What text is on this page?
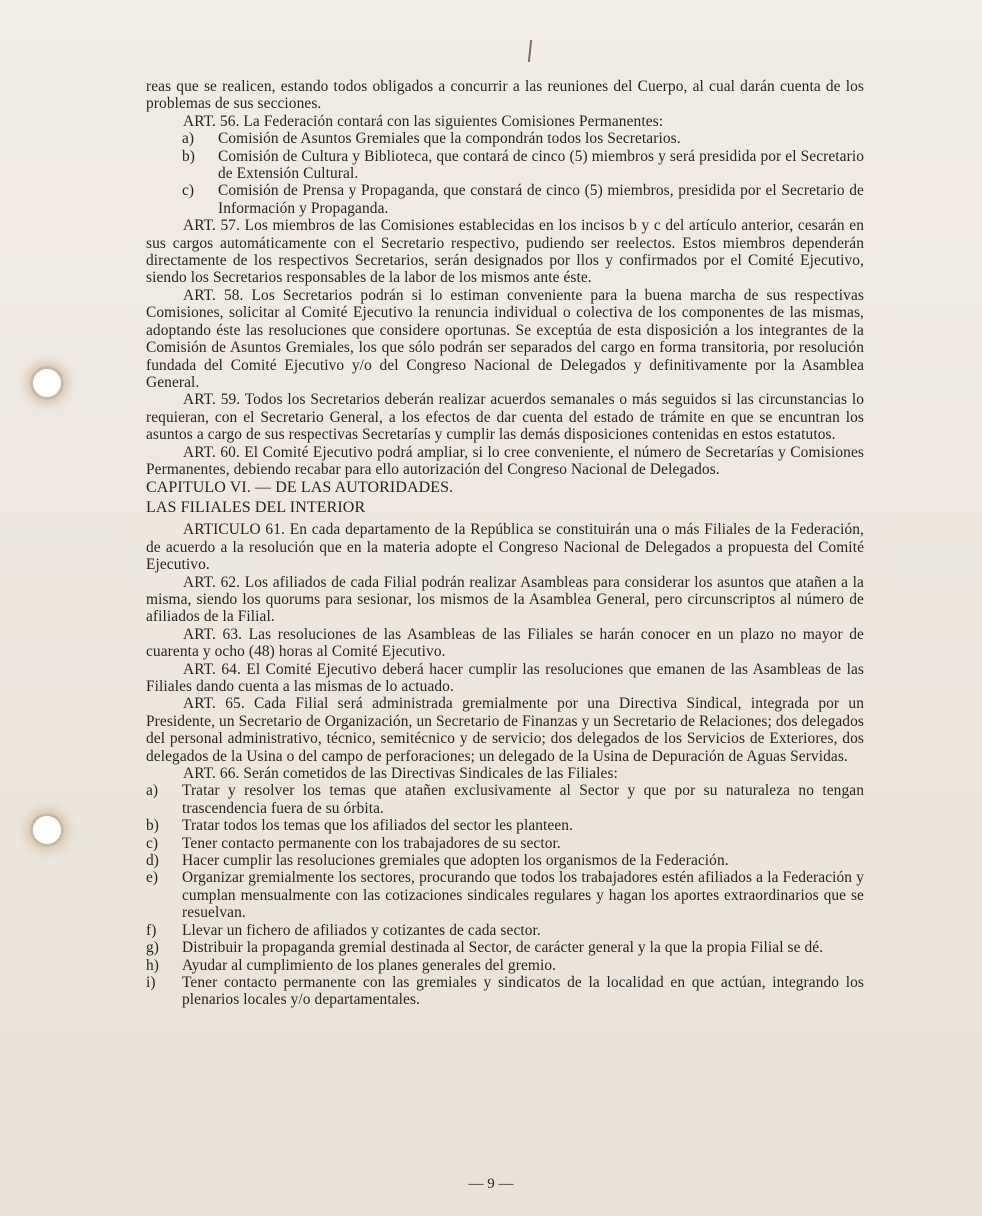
reas que se realicen, estando todos obligados a concurrir a las reuniones del Cuerpo, al cual darán cuenta de los problemas de sus secciones.

ART. 56. La Federación contará con las siguientes Comisiones Permanentes:

a)	Comisión de Asuntos Gremiales que la compondrán todos los Secretarios.
b)	Comisión de Cultura y Biblioteca, que contará de cinco (5) miembros y será presidida por el Secretario de Extensión Cultural.
c)	Comisión de Prensa y Propaganda, que constará de cinco (5) miembros, presidida por el Secretario de Información y Propaganda.

ART. 57. Los miembros de las Comisiones establecidas en los incisos b y c del artículo anterior, cesarán en sus cargos automáticamente con el Secretario respectivo, pudiendo ser reelectos. Estos miembros dependerán directamente de los respectivos Secretarios, serán designados por llos y confirmados por el Comité Ejecutivo, siendo los Secretarios responsables de la labor de los mismos ante éste.

ART. 58. Los Secretarios podrán si lo estiman conveniente para la buena marcha de sus respectivas Comisiones, solicitar al Comité Ejecutivo la renuncia individual o colectiva de los componentes de las mismas, adoptando éste las resoluciones que considere oportunas. Se exceptúa de esta disposición a los integrantes de la Comisión de Asuntos Gremiales, los que sólo podrán ser separados del cargo en forma transitoria, por resolución fundada del Comité Ejecutivo y/o del Congreso Nacional de Delegados y definitivamente por la Asamblea General.

ART. 59. Todos los Secretarios deberán realizar acuerdos semanales o más seguidos si las circunstancias lo requieran, con el Secretario General, a los efectos de dar cuenta del estado de trámite en que se encuntran los asuntos a cargo de sus respectivas Secretarías y cumplir las demás disposiciones contenidas en estos estatutos.

ART. 60. El Comité Ejecutivo podrá ampliar, si lo cree conveniente, el número de Secretarías y Comisiones Permanentes, debiendo recabar para ello autorización del Congreso Nacional de Delegados.

CAPITULO VI. — DE LAS AUTORIDADES.

LAS FILIALES DEL INTERIOR

ARTICULO 61. En cada departamento de la República se constituirán una o más Filiales de la Federación, de acuerdo a la resolución que en la materia adopte el Congreso Nacional de Delegados a propuesta del Comité Ejecutivo.

ART. 62. Los afiliados de cada Filial podrán realizar Asambleas para considerar los asuntos que atañen a la misma, siendo los quorums para sesionar, los mismos de la Asamblea General, pero circunscriptos al número de afiliados de la Filial.

ART. 63. Las resoluciones de las Asambleas de las Filiales se harán conocer en un plazo no mayor de cuarenta y ocho (48) horas al Comité Ejecutivo.

ART. 64. El Comité Ejecutivo deberá hacer cumplir las resoluciones que emanen de las Asambleas de las Filiales dando cuenta a las mismas de lo actuado.

ART. 65. Cada Filial será administrada gremialmente por una Directiva Sindical, integrada por un Presidente, un Secretario de Organización, un Secretario de Finanzas y un Secretario de Relaciones; dos delegados del personal administrativo, técnico, semitécnico y de servicio; dos delegados de los Servicios de Exteriores, dos delegados de la Usina o del campo de perforaciones; un delegado de la Usina de Depuración de Aguas Servidas.

ART. 66. Serán cometidos de las Directivas Sindicales de las Filiales:

a)	Tratar y resolver los temas que atañen exclusivamente al Sector y que por su naturaleza no tengan trascendencia fuera de su órbita.
b)	Tratar todos los temas que los afiliados del sector les planteen.
c)	Tener contacto permanente con los trabajadores de su sector.
d)	Hacer cumplir las resoluciones gremiales que adopten los organismos de la Federación.
e)	Organizar gremialmente los sectores, procurando que todos los trabajadores estén afiliados a la Federación y cumplan mensualmente con las cotizaciones sindicales regulares y hagan los aportes extraordinarios que se resuelvan.
f)	Llevar un fichero de afiliados y cotizantes de cada sector.
g)	Distribuir la propaganda gremial destinada al Sector, de carácter general y la que la propia Filial se dé.
h)	Ayudar al cumplimiento de los planes generales del gremio.
i)	Tener contacto permanente con las gremiales y sindicatos de la localidad en que actúan, integrando los plenarios locales y/o departamentales.
— 9 —
